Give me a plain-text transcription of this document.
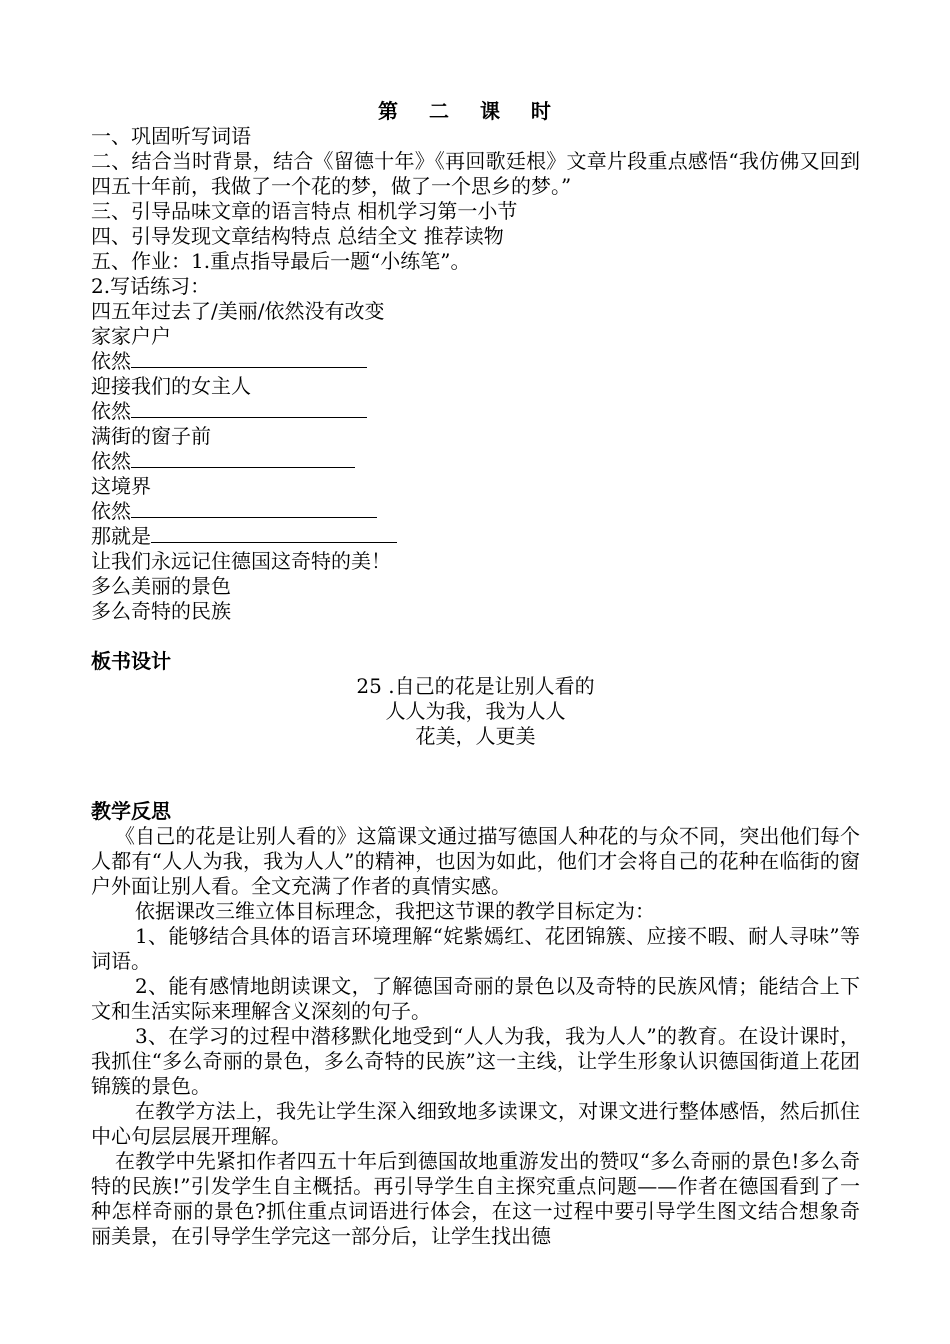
第 二 课 时
一、巩固听写词语
二、结合当时背景，结合《留德十年》《再回歌廷根》文章片段重点感悟“我仿佛又回到四五十年前，我做了一个花的梦，做了一个思乡的梦。”
三、引导品味文章的语言特点 相机学习第一小节
四、引导发现文章结构特点 总结全文 推荐读物
五、作业：1.重点指导最后一题“小练笔”。
2.写话练习：
四五年过去了/美丽/依然没有改变
家家户户
依然
迎接我们的女主人
依然
满街的窗子前
依然
这境界
依然
那就是
让我们永远记住德国这奇特的美！
多么美丽的景色
多么奇特的民族
板书设计
25 .自己的花是让别人看的
人人为我，我为人人
花美，人更美
教学反思
《自己的花是让别人看的》这篇课文通过描写德国人种花的与众不同，突出他们每个人都有“人人为我，我为人人”的精神，也因为如此，他们才会将自己的花种在临街的窗户外面让别人看。全文充满了作者的真情实感。
依据课改三维立体目标理念，我把这节课的教学目标定为：
1、能够结合具体的语言环境理解“姹紫嫣红、花团锦簇、应接不暇、耐人寻味”等词语。
2、能有感情地朗读课文，了解德国奇丽的景色以及奇特的民族风情；能结合上下文和生活实际来理解含义深刻的句子。
3、在学习的过程中潜移默化地受到“人人为我，我为人人”的教育。在设计课时，我抓住“多么奇丽的景色，多么奇特的民族”这一主线，让学生形象认识德国街道上花团锦簇的景色。
在教学方法上，我先让学生深入细致地多读课文，对课文进行整体感悟，然后抓住中心句层层展开理解。
在教学中先紧扣作者四五十年后到德国故地重游发出的赞叹“多么奇丽的景色!多么奇特的民族!”引发学生自主概括。再引导学生自主探究重点问题——作者在德国看到了一种怎样奇丽的景色?抓住重点词语进行体会，在这一过程中要引导学生图文结合想象奇丽美景，在引导学生学完这一部分后，让学生找出德
